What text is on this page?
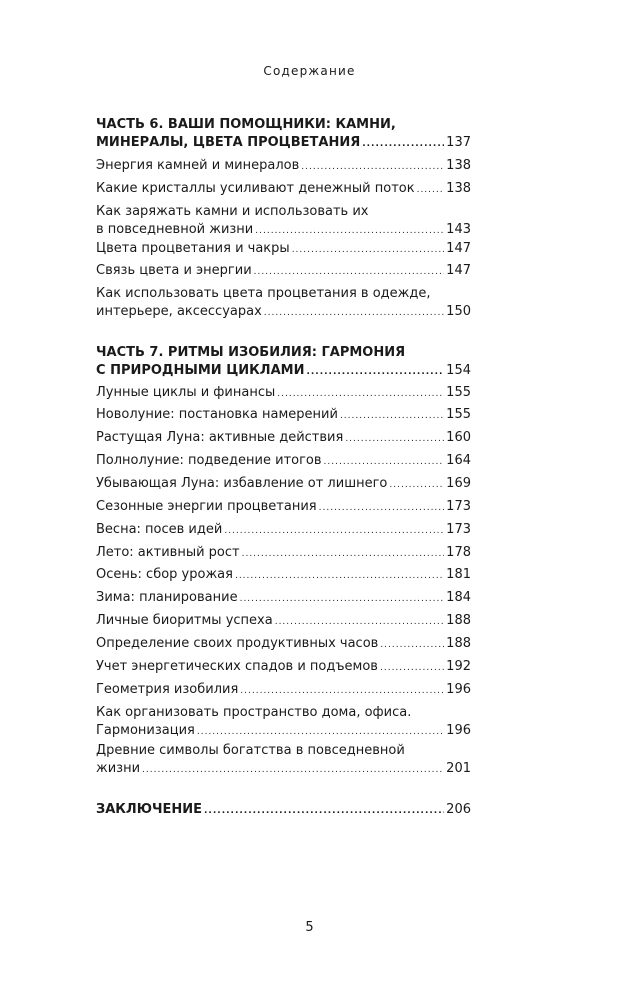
Содержание
ЧАСТЬ 6. ВАШИ ПОМОЩНИКИ: КАМНИ,
МИНЕРАЛЫ, ЦВЕТА ПРОЦВЕТАНИЯ .....	137
Энергия камней и минералов .....	138
Какие кристаллы усиливают денежный поток ..... 138
Как заряжать камни и использовать их
в повседневной жизни .....	143
Цвета процветания и чакры .....	147
Связь цвета и энергии .....	147
Как использовать цвета процветания в одежде,
интерьере, аксессуарах .....	150
ЧАСТЬ 7. РИТМЫ ИЗОБИЛИЯ: ГАРМОНИЯ
С ПРИРОДНЫМИ ЦИКЛАМИ .....	154
Лунные циклы и финансы .....	155
Новолуние: постановка намерений .....	155
Растущая Луна: активные действия .....	160
Полнолуние: подведение итогов .....	164
Убывающая Луна: избавление от лишнего .....	169
Сезонные энергии процветания .....	173
Весна: посев идей .....	173
Лето: активный рост .....	178
Осень: сбор урожая .....	181
Зима: планирование .....	184
Личные биоритмы успеха .....	188
Определение своих продуктивных часов .....	188
Учет энергетических спадов и подъемов .....	192
Геометрия изобилия .....	196
Как организовать пространство дома, офиса.
Гармонизация .....	196
Древние символы богатства в повседневной
жизни .....	201
ЗАКЛЮЧЕНИЕ .....	206
5
